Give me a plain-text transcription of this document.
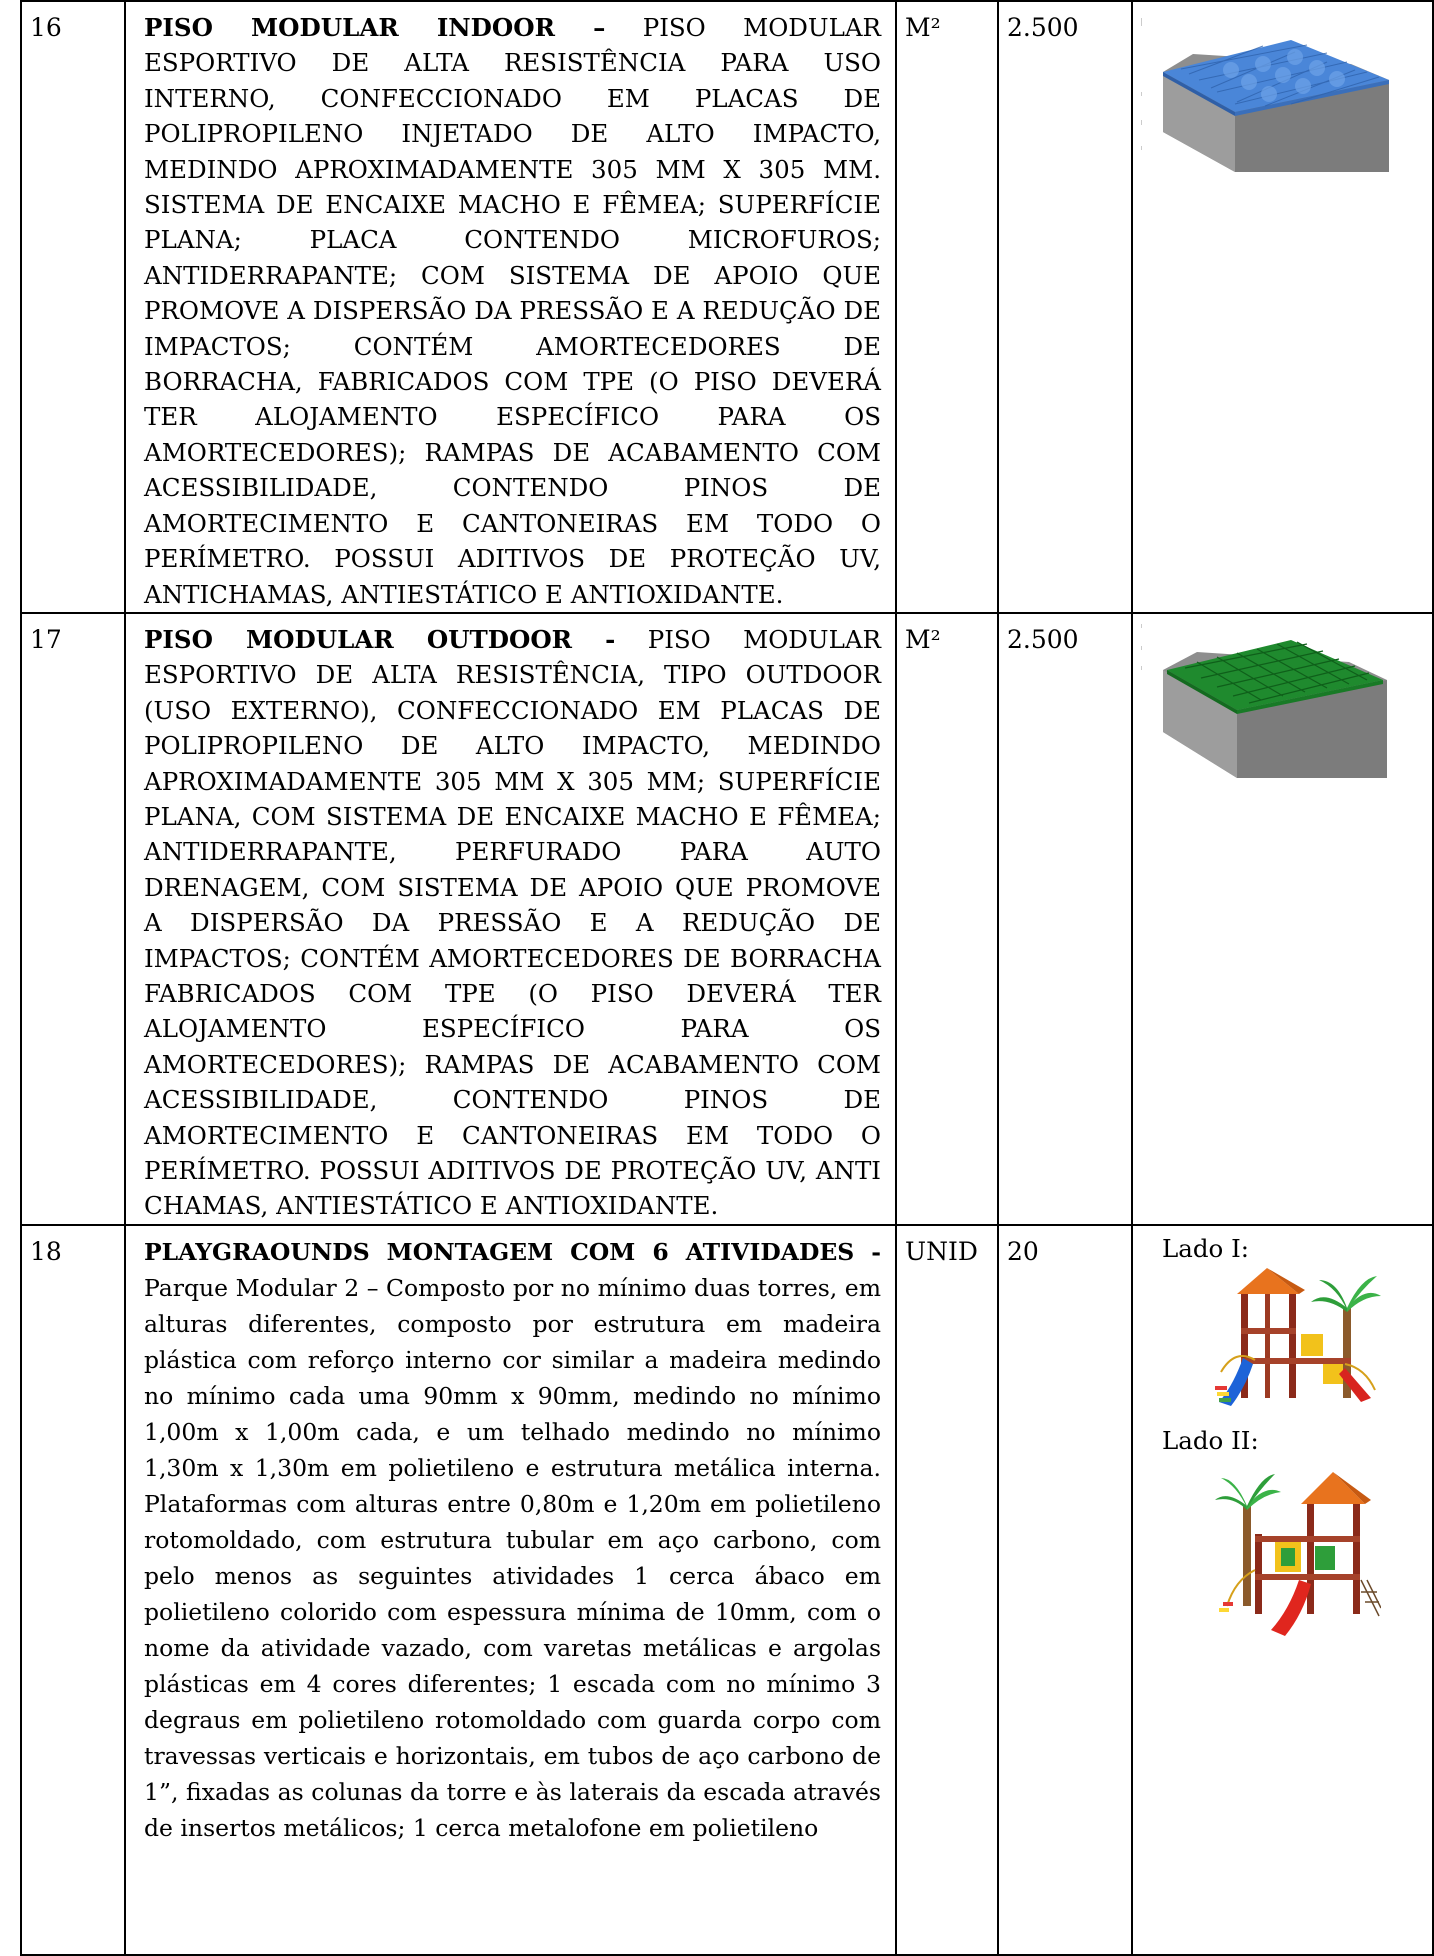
16	PISO MODULAR INDOOR – PISO MODULAR ESPORTIVO DE ALTA RESISTÊNCIA PARA USO INTERNO, CONFECCIONADO EM PLACAS DE POLIPROPILENO INJETADO DE ALTO IMPACTO, MEDINDO APROXIMADAMENTE 305 MM X 305 MM. SISTEMA DE ENCAIXE MACHO E FÊMEA; SUPERFÍCIE PLANA; PLACA CONTENDO MICROFUROS; ANTIDERRAPANTE; COM SISTEMA DE APOIO QUE PROMOVE A DISPERSÃO DA PRESSÃO E A REDUÇÃO DE IMPACTOS; CONTÉM AMORTECEDORES DE BORRACHA, FABRICADOS COM TPE (O PISO DEVERÁ TER ALOJAMENTO ESPECÍFICO PARA OS AMORTECEDORES); RAMPAS DE ACABAMENTO COM ACESSIBILIDADE, CONTENDO PINOS DE AMORTECIMENTO E CANTONEIRAS EM TODO O PERÍMETRO. POSSUI ADITIVOS DE PROTEÇÃO UV, ANTICHAMAS, ANTIESTÁTICO E ANTIOXIDANTE.	M²	2.500	

17	PISO MODULAR OUTDOOR - PISO MODULAR ESPORTIVO DE ALTA RESISTÊNCIA, TIPO OUTDOOR (USO EXTERNO), CONFECCIONADO EM PLACAS DE POLIPROPILENO DE ALTO IMPACTO, MEDINDO APROXIMADAMENTE 305 MM X 305 MM; SUPERFÍCIE PLANA, COM SISTEMA DE ENCAIXE MACHO E FÊMEA; ANTIDERRAPANTE, PERFURADO PARA AUTO DRENAGEM, COM SISTEMA DE APOIO QUE PROMOVE A DISPERSÃO DA PRESSÃO E A REDUÇÃO DE IMPACTOS; CONTÉM AMORTECEDORES DE BORRACHA FABRICADOS COM TPE (O PISO DEVERÁ TER ALOJAMENTO ESPECÍFICO PARA OS AMORTECEDORES); RAMPAS DE ACABAMENTO COM ACESSIBILIDADE, CONTENDO PINOS DE AMORTECIMENTO E CANTONEIRAS EM TODO O PERÍMETRO. POSSUI ADITIVOS DE PROTEÇÃO UV, ANTI CHAMAS, ANTIESTÁTICO E ANTIOXIDANTE.	M²	2.500	

18	PLAYGRAOUNDS MONTAGEM COM 6 ATIVIDADES - Parque Modular 2 – Composto por no mínimo duas torres, em alturas diferentes, composto por estrutura em madeira plástica com reforço interno cor similar a madeira medindo no mínimo cada uma 90mm x 90mm, medindo no mínimo 1,00m x 1,00m cada, e um telhado medindo no mínimo 1,30m x 1,30m em polietileno e estrutura metálica interna. Plataformas com alturas entre 0,80m e 1,20m em polietileno rotomoldado, com estrutura tubular em aço carbono, com pelo menos as seguintes atividades 1 cerca ábaco em polietileno colorido com espessura mínima de 10mm, com o nome da atividade vazado, com varetas metálicas e argolas plásticas em 4 cores diferentes; 1 escada com no mínimo 3 degraus em polietileno rotomoldado com guarda corpo com travessas verticais e horizontais, em tubos de aço carbono de 1”, fixadas as colunas da torre e às laterais da escada através de insertos metálicos; 1 cerca metalofone em polietileno	UNID	20	Lado I:
Lado II:
